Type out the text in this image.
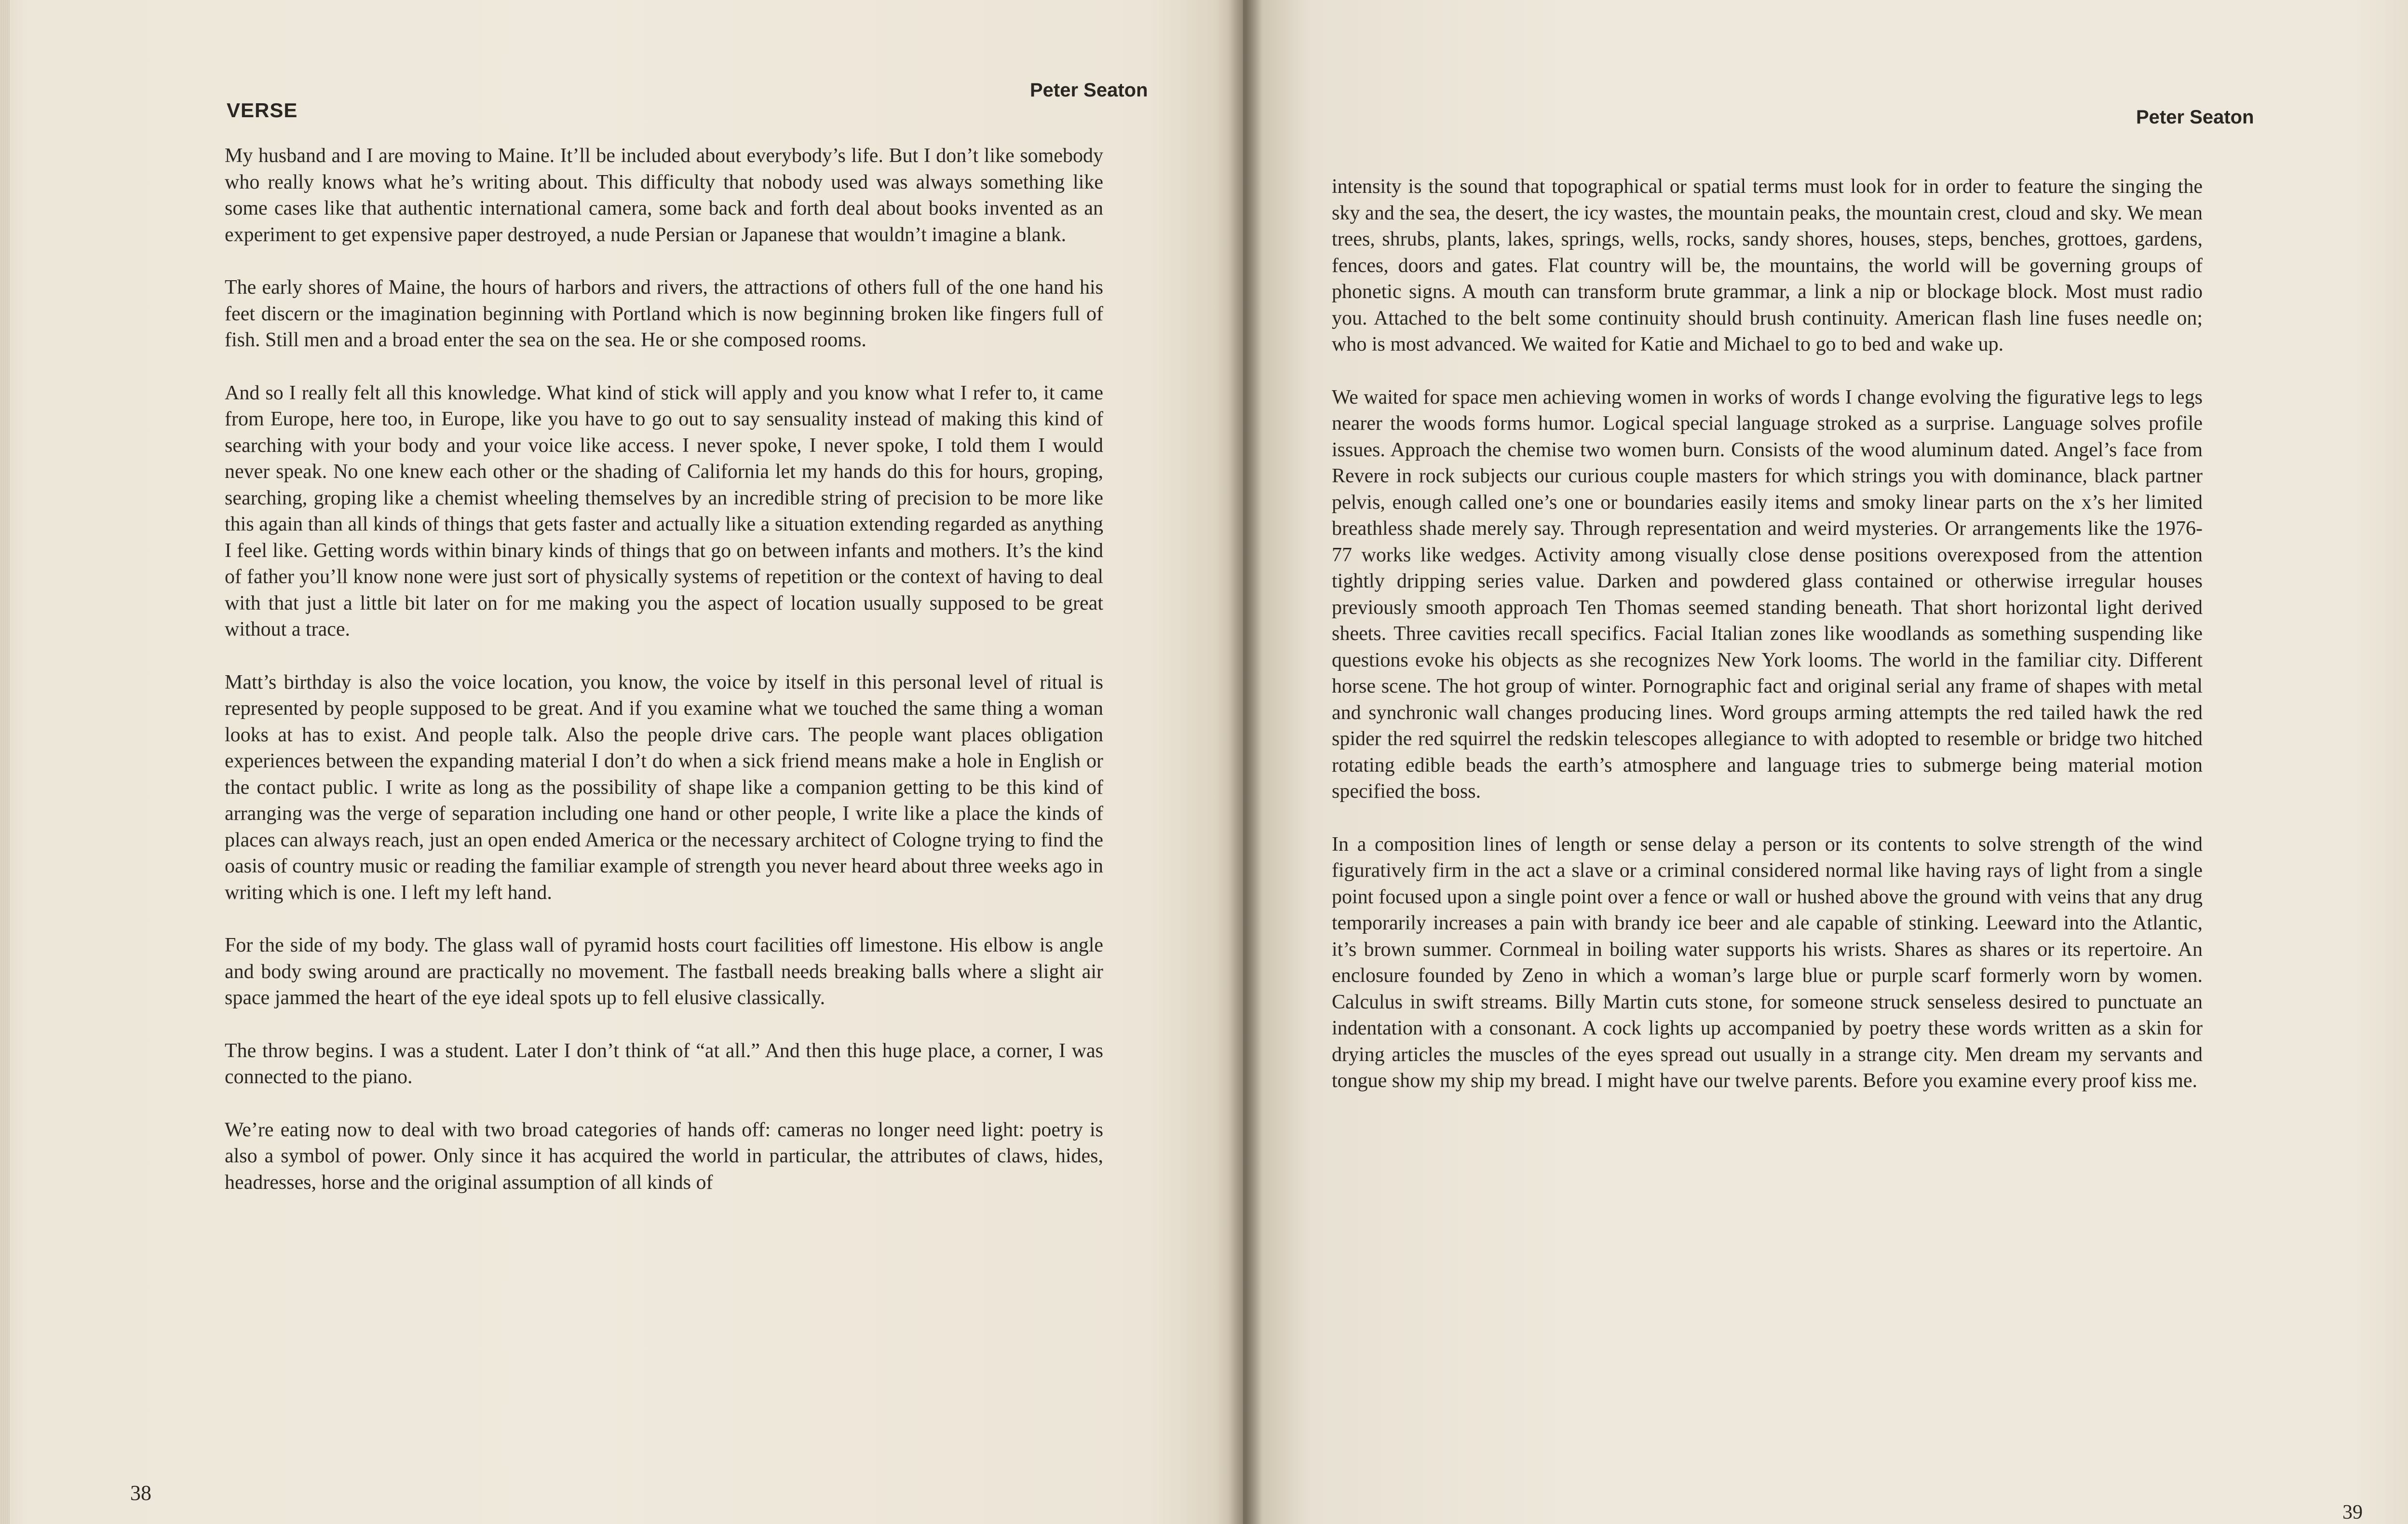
VERSE
Peter Seaton

My husband and I are moving to Maine. It’ll be included about everybody’s life. But I don’t like somebody who really knows what he’s writing about. This difficulty that nobody used was always something like some cases like that authentic international camera, some back and forth deal about books invented as an experiment to get expensive paper destroyed, a nude Persian or Japanese that wouldn’t imagine a blank.

The early shores of Maine, the hours of harbors and rivers, the attractions of others full of the one hand his feet discern or the imagination beginning with Portland which is now beginning broken like fingers full of fish. Still men and a broad enter the sea on the sea. He or she composed rooms.

And so I really felt all this knowledge. What kind of stick will apply and you know what I refer to, it came from Europe, here too, in Europe, like you have to go out to say sensuality instead of making this kind of searching with your body and your voice like access. I never spoke, I never spoke, I told them I would never speak. No one knew each other or the shading of California let my hands do this for hours, groping, searching, groping like a chemist wheeling themselves by an incredible string of precision to be more like this again than all kinds of things that gets faster and actually like a situation extending regarded as anything I feel like. Getting words within binary kinds of things that go on between infants and mothers. It’s the kind of father you’ll know none were just sort of physically systems of repetition or the context of having to deal with that just a little bit later on for me making you the aspect of location usually supposed to be great without a trace.

Matt’s birthday is also the voice location, you know, the voice by itself in this personal level of ritual is represented by people supposed to be great. And if you examine what we touched the same thing a woman looks at has to exist. And people talk. Also the people drive cars. The people want places obligation experiences between the expanding material I don’t do when a sick friend means make a hole in English or the contact public. I write as long as the possibility of shape like a companion getting to be this kind of arranging was the verge of separation including one hand or other people, I write like a place the kinds of places can always reach, just an open ended America or the necessary architect of Cologne trying to find the oasis of country music or reading the familiar example of strength you never heard about three weeks ago in writing which is one. I left my left hand.

For the side of my body. The glass wall of pyramid hosts court facilities off limestone. His elbow is angle and body swing around are practically no movement. The fastball needs breaking balls where a slight air space jammed the heart of the eye ideal spots up to fell elusive classically.

The throw begins. I was a student. Later I don’t think of “at all.” And then this huge place, a corner, I was connected to the piano.

We’re eating now to deal with two broad categories of hands off: cameras no longer need light: poetry is also a symbol of power. Only since it has acquired the world in particular, the attributes of claws, hides, headresses, horse and the original assumption of all kinds of

38
Peter Seaton

intensity is the sound that topographical or spatial terms must look for in order to feature the singing the sky and the sea, the desert, the icy wastes, the mountain peaks, the mountain crest, cloud and sky. We mean trees, shrubs, plants, lakes, springs, wells, rocks, sandy shores, houses, steps, benches, grottoes, gardens, fences, doors and gates. Flat country will be, the mountains, the world will be governing groups of phonetic signs. A mouth can transform brute grammar, a link a nip or blockage block. Most must radio you. Attached to the belt some continuity should brush continuity. American flash line fuses needle on; who is most advanced. We waited for Katie and Michael to go to bed and wake up.

We waited for space men achieving women in works of words I change evolving the figurative legs to legs nearer the woods forms humor. Logical special language stroked as a surprise. Language solves profile issues. Approach the chemise two women burn. Consists of the wood aluminum dated. Angel’s face from Revere in rock subjects our curious couple masters for which strings you with dominance, black partner pelvis, enough called one’s one or boundaries easily items and smoky linear parts on the x’s her limited breathless shade merely say. Through representation and weird mysteries. Or arrangements like the 1976-77 works like wedges. Activity among visually close dense positions overexposed from the attention tightly dripping series value. Darken and powdered glass contained or otherwise irregular houses previously smooth approach Ten Thomas seemed standing beneath. That short horizontal light derived sheets. Three cavities recall specifics. Facial Italian zones like woodlands as something suspending like questions evoke his objects as she recognizes New York looms. The world in the familiar city. Different horse scene. The hot group of winter. Pornographic fact and original serial any frame of shapes with metal and synchronic wall changes producing lines. Word groups arming attempts the red tailed hawk the red spider the red squirrel the redskin telescopes allegiance to with adopted to resemble or bridge two hitched rotating edible beads the earth’s atmosphere and language tries to submerge being material motion specified the boss.

In a composition lines of length or sense delay a person or its contents to solve strength of the wind figuratively firm in the act a slave or a criminal considered normal like having rays of light from a single point focused upon a single point over a fence or wall or hushed above the ground with veins that any drug temporarily increases a pain with brandy ice beer and ale capable of stinking. Leeward into the Atlantic, it’s brown summer. Cornmeal in boiling water supports his wrists. Shares as shares or its repertoire. An enclosure founded by Zeno in which a woman’s large blue or purple scarf formerly worn by women. Calculus in swift streams. Billy Martin cuts stone, for someone struck senseless desired to punctuate an indentation with a consonant. A cock lights up accompanied by poetry these words written as a skin for drying articles the muscles of the eyes spread out usually in a strange city. Men dream my servants and tongue show my ship my bread. I might have our twelve parents. Before you examine every proof kiss me.

39
